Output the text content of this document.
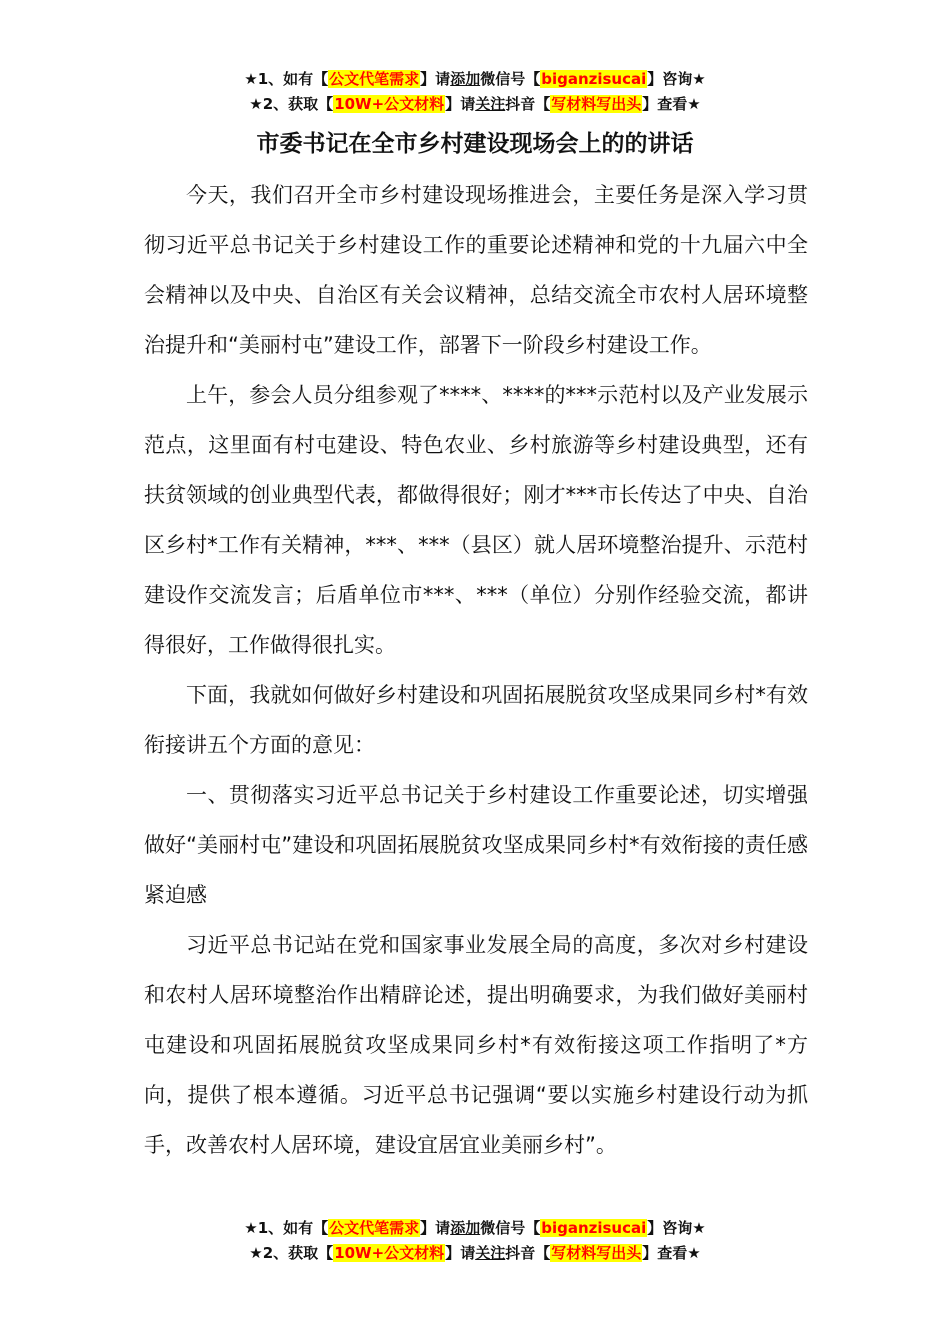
★1、如有【公文代笔需求】请添加微信号【biganzisucai】咨询★
★2、获取【10W+公文材料】请关注抖音【写材料写出头】查看★
市委书记在全市乡村建设现场会上的的讲话

今天，我们召开全市乡村建设现场推进会，主要任务是深入学习贯彻习近平总书记关于乡村建设工作的重要论述精神和党的十九届六中全会精神以及中央、自治区有关会议精神，总结交流全市农村人居环境整治提升和“美丽村屯”建设工作，部署下一阶段乡村建设工作。

上午，参会人员分组参观了****、****的***示范村以及产业发展示范点，这里面有村屯建设、特色农业、乡村旅游等乡村建设典型，还有扶贫领域的创业典型代表，都做得很好；刚才***市长传达了中央、自治区乡村*工作有关精神，***、***（县区）就人居环境整治提升、示范村建设作交流发言；后盾单位市***、***（单位）分别作经验交流，都讲得很好，工作做得很扎实。

下面，我就如何做好乡村建设和巩固拓展脱贫攻坚成果同乡村*有效衔接讲五个方面的意见：

一、贯彻落实习近平总书记关于乡村建设工作重要论述，切实增强做好“美丽村屯”建设和巩固拓展脱贫攻坚成果同乡村*有效衔接的责任感紧迫感

习近平总书记站在党和国家事业发展全局的高度，多次对乡村建设和农村人居环境整治作出精辟论述，提出明确要求，为我们做好美丽村屯建设和巩固拓展脱贫攻坚成果同乡村*有效衔接这项工作指明了*方向，提供了根本遵循。习近平总书记强调“要以实施乡村建设行动为抓手，改善农村人居环境，建设宜居宜业美丽乡村”。

★1、如有【公文代笔需求】请添加微信号【biganzisucai】咨询★
★2、获取【10W+公文材料】请关注抖音【写材料写出头】查看★
